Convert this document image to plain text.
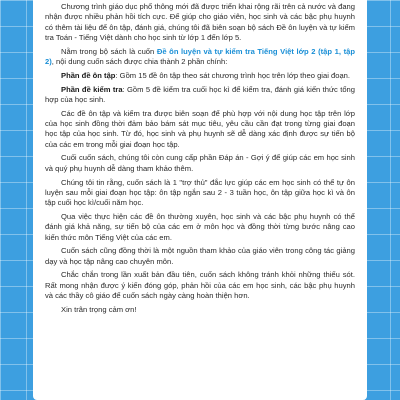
Chương trình giáo dục phổ thông mới đã được triển khai rộng rãi trên cả nước và đang nhận được nhiều phản hồi tích cực. Để giúp cho giáo viên, học sinh và các bậc phụ huynh có thêm tài liệu để ôn tập, đánh giá, chúng tôi đã biên soạn bộ sách Đề ôn luyện và tự kiểm tra Toán - Tiếng Việt dành cho học sinh từ lớp 1 đến lớp 5.

Nằm trong bộ sách là cuốn Đề ôn luyện và tự kiểm tra Tiếng Việt lớp 2 (tập 1, tập 2), nội dung cuốn sách được chia thành 2 phần chính:

Phần đề ôn tập: Gồm 15 đề ôn tập theo sát chương trình học trên lớp theo giai đoạn.

Phần đề kiểm tra: Gồm 5 đề kiểm tra cuối học kì để kiểm tra, đánh giá kiến thức tổng hợp của học sinh.

Các đề ôn tập và kiểm tra được biên soạn để phù hợp với nội dung học tập trên lớp của học sinh đồng thời đảm bảo bám sát mục tiêu, yêu cầu cần đạt trong từng giai đoạn học tập của học sinh. Từ đó, học sinh và phụ huynh sẽ dễ dàng xác định được sự tiến bộ của các em trong mỗi giai đoạn học tập.

Cuối cuốn sách, chúng tôi còn cung cấp phần Đáp án - Gợi ý để giúp các em học sinh và quý phụ huynh dễ dàng tham khảo thêm.

Chúng tôi tin rằng, cuốn sách là 1 "trợ thủ" đắc lực giúp các em học sinh có thể tự ôn luyện sau mỗi giai đoạn học tập: ôn tập ngắn sau 2 - 3 tuần học, ôn tập giữa học kì và ôn tập cuối học kì/cuối năm học.

Qua việc thực hiện các đề ôn thường xuyên, học sinh và các bậc phụ huynh có thể đánh giá khả năng, sự tiến bộ của các em ở môn học và đồng thời từng bước nâng cao kiến thức môn Tiếng Việt của các em.

Cuốn sách cũng đồng thời là một nguồn tham khảo của giáo viên trong công tác giảng dạy và học tập nâng cao chuyên môn.

Chắc chắn trong lần xuất bản đầu tiên, cuốn sách không tránh khỏi những thiếu sót. Rất mong nhận được ý kiến đóng góp, phản hồi của các em học sinh, các bậc phụ huynh và các thầy cô giáo để cuốn sách ngày càng hoàn thiện hơn.

Xin trân trọng cảm ơn!
